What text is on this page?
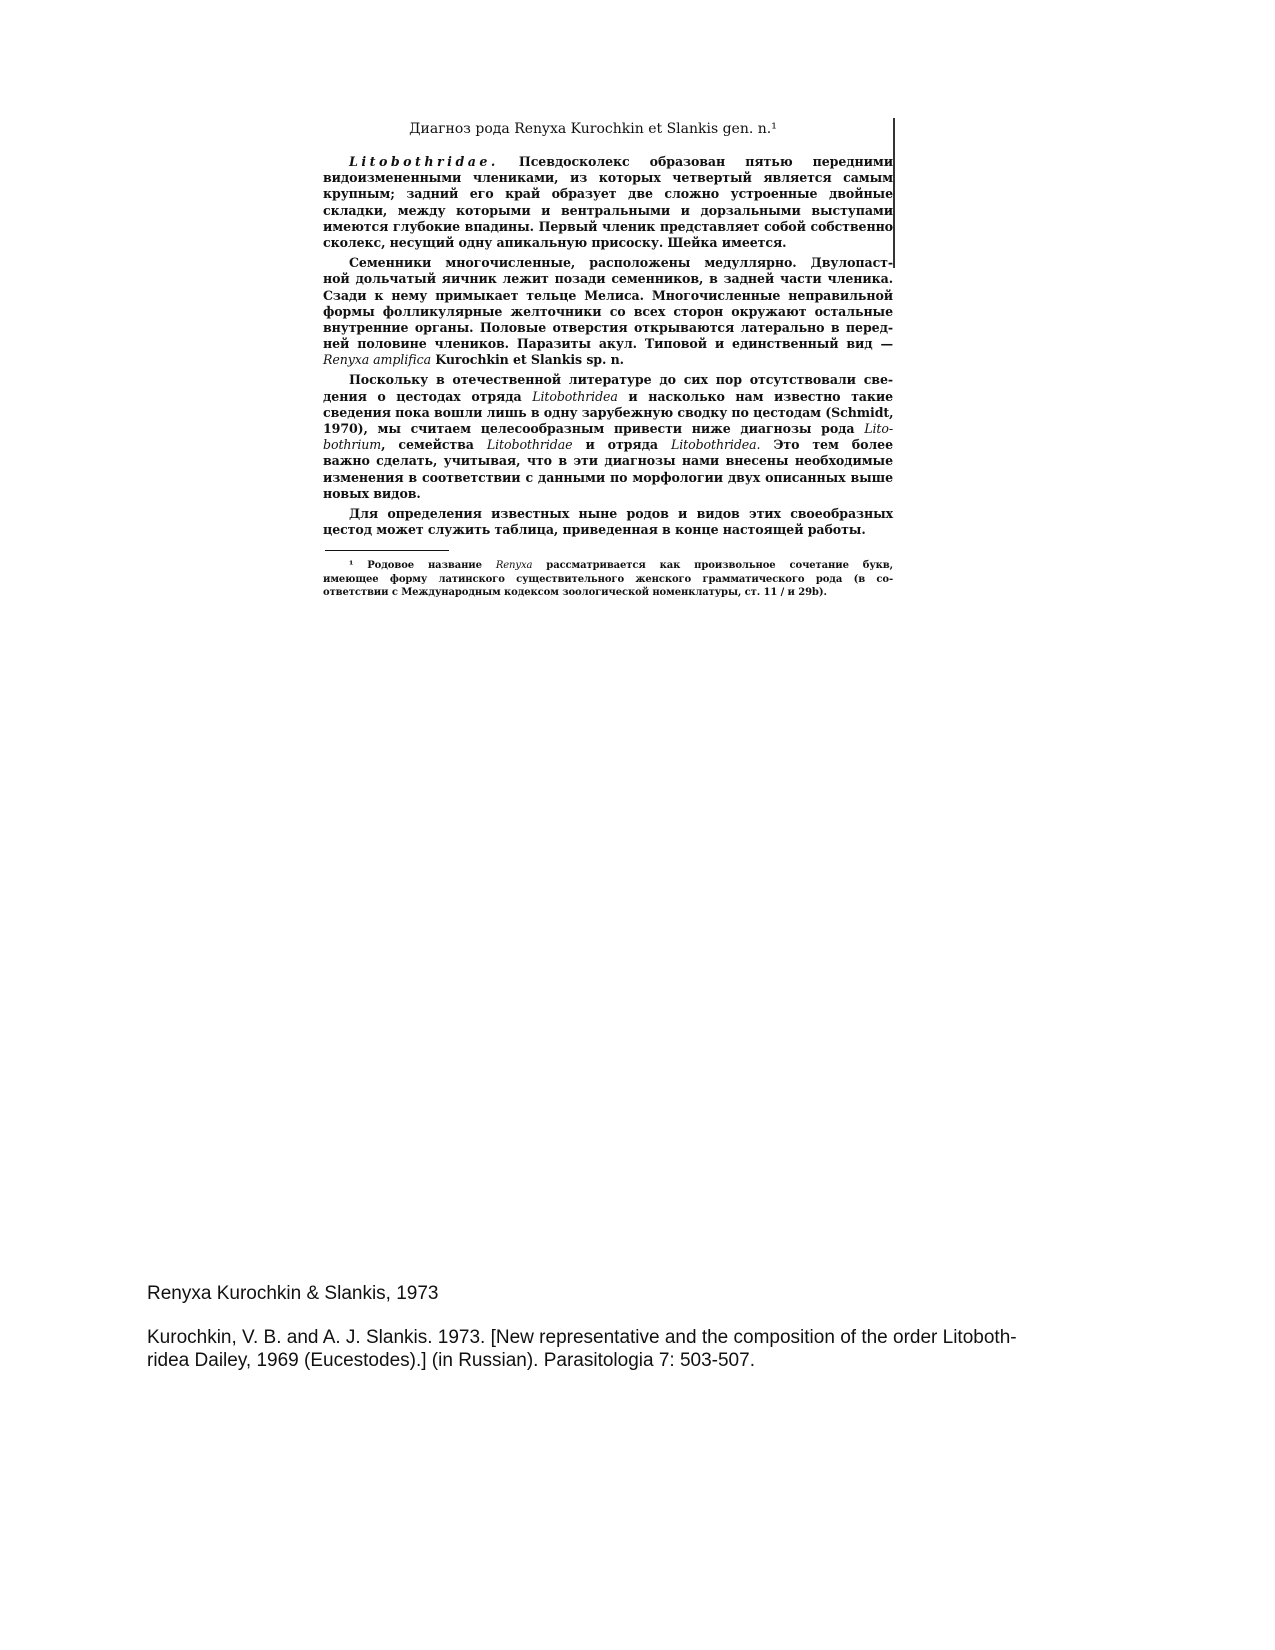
Диагноз рода Renyxa Kurochkin et Slankis gen. n.¹
Litobothridae. Псевдосколекс образован пятью передними
видоизмененными члениками, из которых четвертый является самым
крупным; задний его край образует две сложно устроенные двойные
складки, между которыми и вентральными и дорзальными выступами
имеются глубокие впадины. Первый членик представляет собой собственно
сколекс, несущий одну апикальную присоску. Шейка имеется.
Семенники многочисленные, расположены медуллярно. Двулопаст-
ной дольчатый яичник лежит позади семенников, в задней части членика.
Сзади к нему примыкает тельце Мелиса. Многочисленные неправильной
формы фолликулярные желточники со всех сторон окружают остальные
внутренние органы. Половые отверстия открываются латерально в перед-
ней половине члеников. Паразиты акул. Типовой и единственный вид —
Renyxa amplifica Kurochkin et Slankis sp. n.
Поскольку в отечественной литературе до сих пор отсутствовали све-
дения о цестодах отряда Litobothridea и насколько нам известно такие
сведения пока вошли лишь в одну зарубежную сводку по цестодам (Schmidt,
1970), мы считаем целесообразным привести ниже диагнозы рода Lito-
bothrium, семейства Litobothridae и отряда Litobothridea. Это тем более
важно сделать, учитывая, что в эти диагнозы нами внесены необходимые
изменения в соответствии с данными по морфологии двух описанных выше
новых видов.
Для определения известных ныне родов и видов этих своеобразных
цестод может служить таблица, приведенная в конце настоящей работы.
¹ Родовое название Renyxa рассматривается как произвольное сочетание букв,
имеющее форму латинского существительного женского грамматического рода (в со-
ответствии с Международным кодексом зоологической номенклатуры, ст. 11 / и 29b).
Renyxa Kurochkin & Slankis, 1973
Kurochkin, V. B. and A. J. Slankis. 1973. [New representative and the composition of the order Litoboth-
ridea Dailey, 1969 (Eucestodes).] (in Russian). Parasitologia 7: 503-507.
